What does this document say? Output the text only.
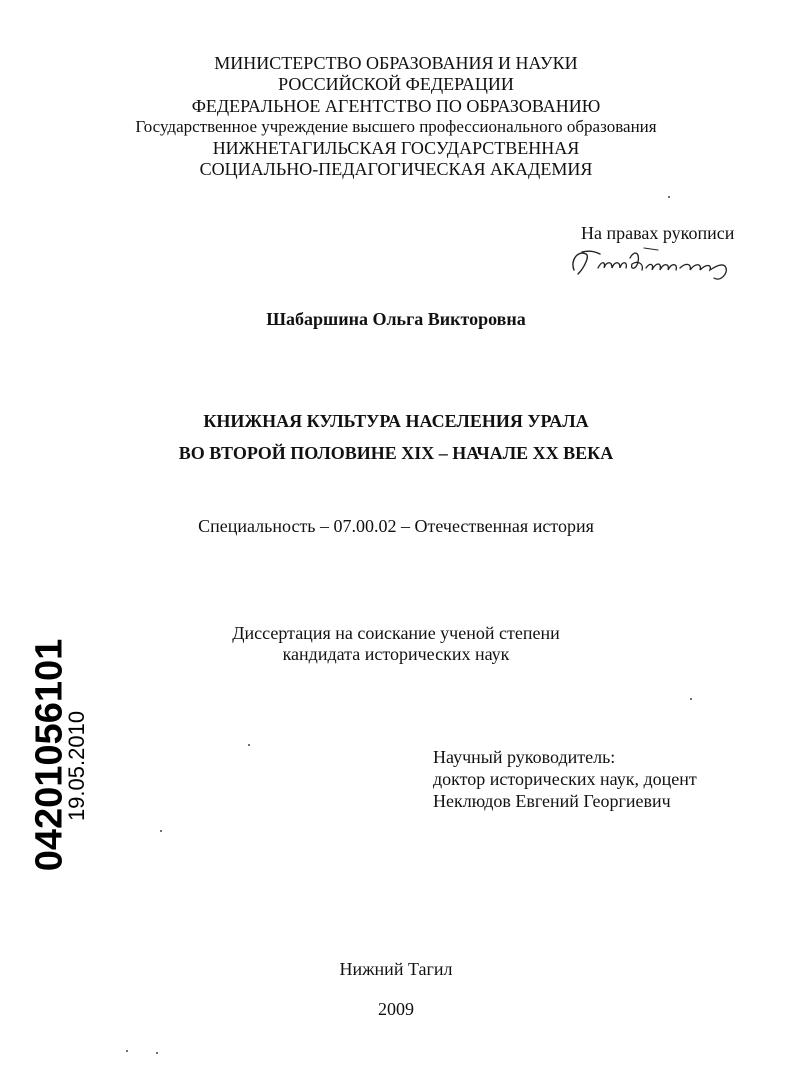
МИНИСТЕРСТВО ОБРАЗОВАНИЯ И НАУКИ
РОССИЙСКОЙ ФЕДЕРАЦИИ
ФЕДЕРАЛЬНОЕ АГЕНТСТВО ПО ОБРАЗОВАНИЮ
Государственное учреждение высшего профессионального образования
НИЖНЕТАГИЛЬСКАЯ ГОСУДАРСТВЕННАЯ
СОЦИАЛЬНО-ПЕДАГОГИЧЕСКАЯ АКАДЕМИЯ
На правах рукописи
Шабаршина Ольга Викторовна
КНИЖНАЯ КУЛЬТУРА НАСЕЛЕНИЯ УРАЛА
ВО ВТОРОЙ ПОЛОВИНЕ XIX – НАЧАЛЕ XX ВЕКА
Специальность – 07.00.02 – Отечественная история
Диссертация на соискание ученой степени
кандидата исторических наук
Научный руководитель:
доктор исторических наук, доцент
Неклюдов Евгений Георгиевич
Нижний Тагил
2009
04201056101
19.05.2010
